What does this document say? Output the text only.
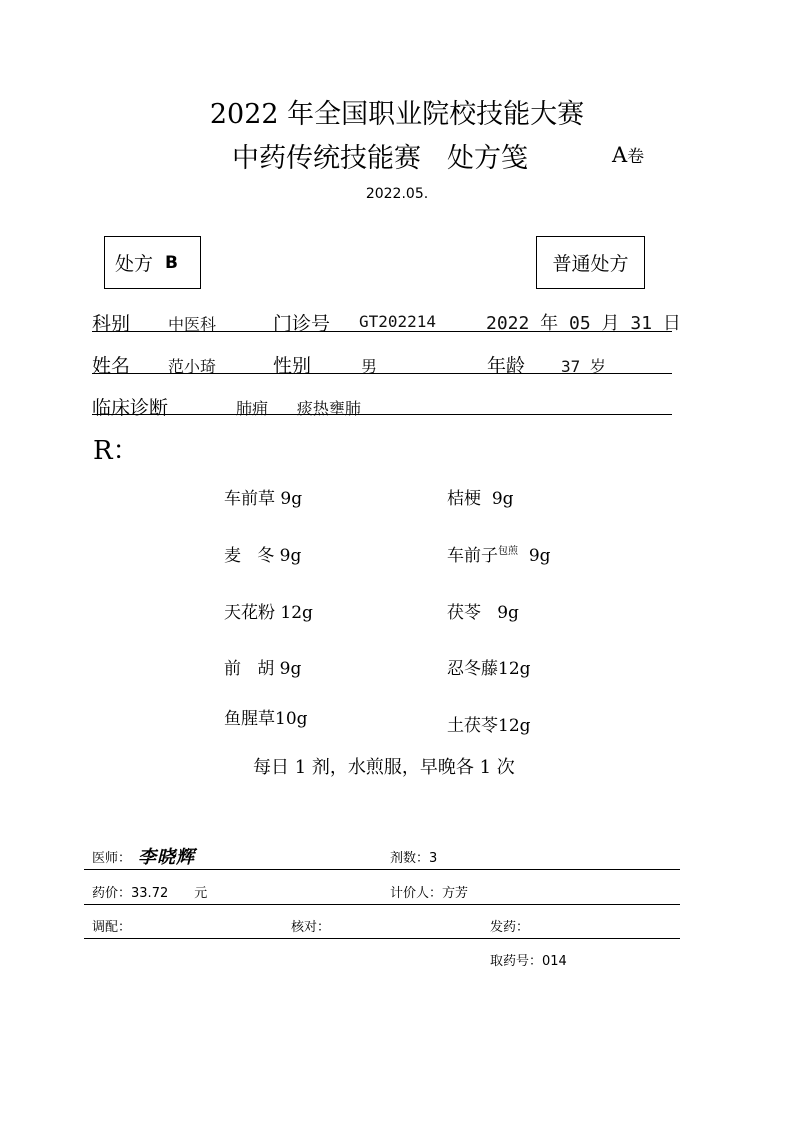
2022 年全国职业院校技能大赛
中药传统技能赛 处方笺	A卷
2022.05.
处方 B	普通处方
科别 中医科	门诊号 GT202214	2022 年 05 月 31 日
姓名 范小琦	性别	男	年龄 37 岁
临床诊断	肺痈   痰热壅肺
R：
车前草 9g	桔梗 9g
麦   冬 9g	车前子$^{包煎}$ 9g
天花粉 12g	茯苓 9g
前   胡 9g	忍冬藤12g
鱼腥草10g	土茯苓12g
每日 1 剂，水煎服，早晚各 1 次
医师： 李晓辉	剂数：3
药价：33.72 元	计价人：方芳
调配：	核对：	发药：
取药号：014
